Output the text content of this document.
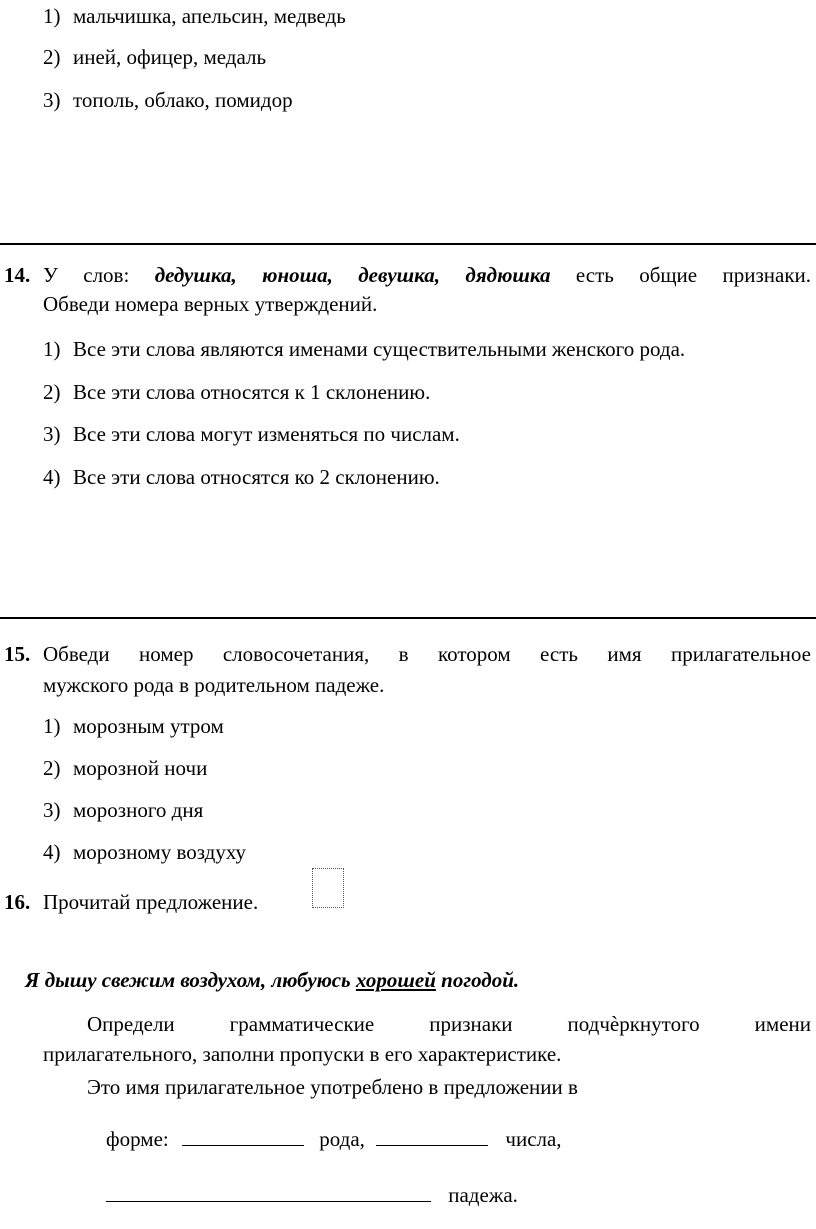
1) мальчишка, апельсин, медведь
2) иней, офицер, медаль
3) тополь, облако, помидор
14. У слов: дедушка, юноша, девушка, дядюшка есть общие признаки.
Обведи номера верных утверждений.
1) Все эти слова являются именами существительными женского рода.
2) Все эти слова относятся к 1 склонению.
3) Все эти слова могут изменяться по числам.
4) Все эти слова относятся ко 2 склонению.
15. Обведи номер словосочетания, в котором есть имя прилагательное
мужского рода в родительном падеже.
1) морозным утром
2) морозной ночи
3) морозного дня
4) морозному воздуху
16. Прочитай предложение.
Я дышу свежим воздухом, любуюсь хорошей погодой.
Определи грамматические признаки подчѐркнутого имени
прилагательного, заполни пропуски в его характеристике.
Это имя прилагательное употреблено в предложении в
форме:	рода,	числа,
падежа.
